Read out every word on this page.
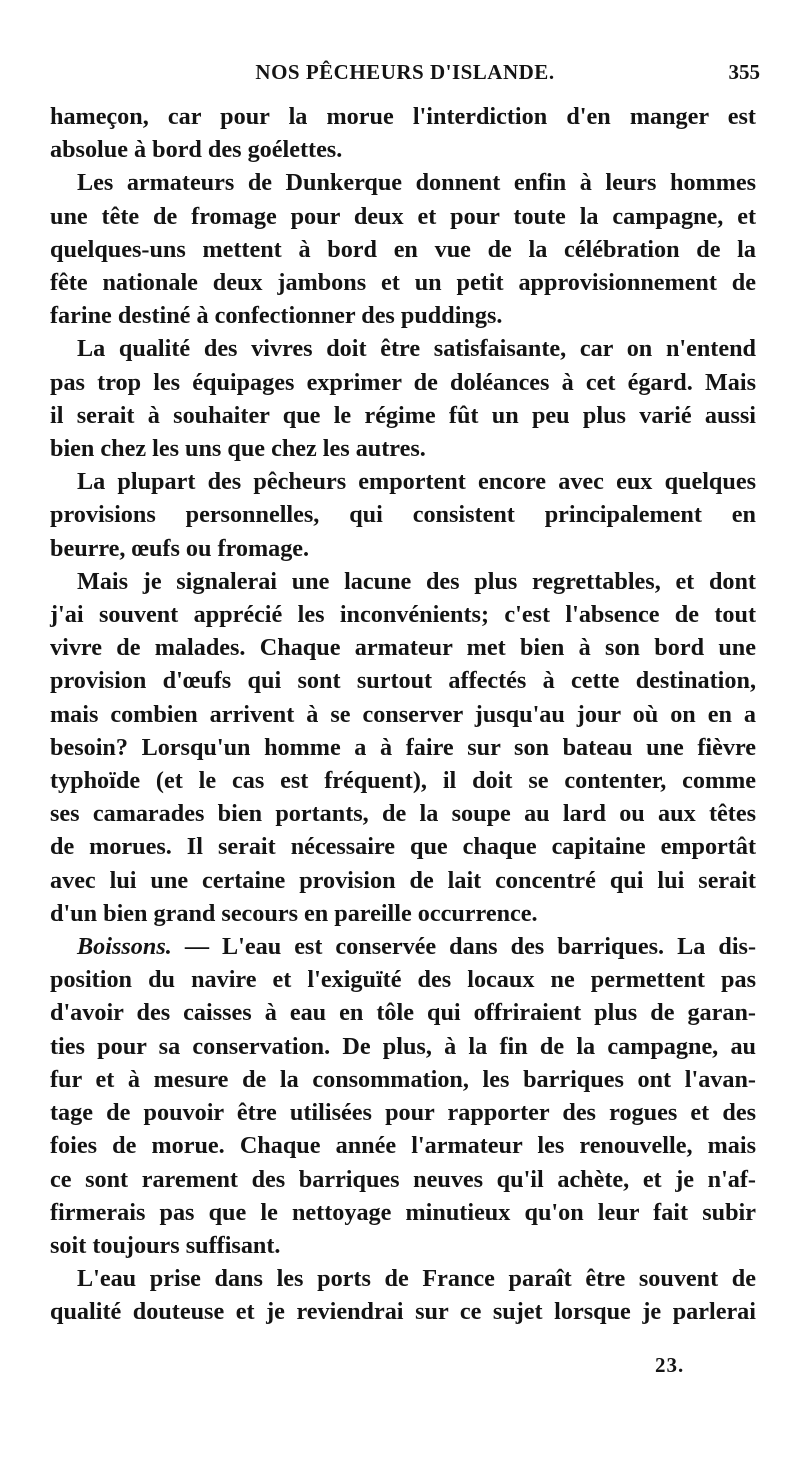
NOS PÊCHEURS D'ISLANDE.	355

hameçon, car pour la morue l'interdiction d'en manger est

absolue à bord des goélettes.

Les armateurs de Dunkerque donnent enfin à leurs hommes

une tête de fromage pour deux et pour toute la campagne, et

quelques-uns mettent à bord en vue de la célébration de la

fête nationale deux jambons et un petit approvisionnement de

farine destiné à confectionner des puddings.

La qualité des vivres doit être satisfaisante, car on n'entend

pas trop les équipages exprimer de doléances à cet égard. Mais

il serait à souhaiter que le régime fût un peu plus varié aussi

bien chez les uns que chez les autres.

La plupart des pêcheurs emportent encore avec eux quelques

provisions personnelles, qui consistent principalement en

beurre, œufs ou fromage.

Mais je signalerai une lacune des plus regrettables, et dont

j'ai souvent apprécié les inconvénients; c'est l'absence de tout

vivre de malades. Chaque armateur met bien à son bord une

provision d'œufs qui sont surtout affectés à cette destination,

mais combien arrivent à se conserver jusqu'au jour où on en a

besoin? Lorsqu'un homme a à faire sur son bateau une fièvre

typhoïde (et le cas est fréquent), il doit se contenter, comme

ses camarades bien portants, de la soupe au lard ou aux têtes

de morues. Il serait nécessaire que chaque capitaine emportât

avec lui une certaine provision de lait concentré qui lui serait

d'un bien grand secours en pareille occurrence.

Boissons. — L'eau est conservée dans des barriques. La dis-

position du navire et l'exiguïté des locaux ne permettent pas

d'avoir des caisses à eau en tôle qui offriraient plus de garan-

ties pour sa conservation. De plus, à la fin de la campagne, au

fur et à mesure de la consommation, les barriques ont l'avan-

tage de pouvoir être utilisées pour rapporter des rogues et des

foies de morue. Chaque année l'armateur les renouvelle, mais

ce sont rarement des barriques neuves qu'il achète, et je n'af-

firmerais pas que le nettoyage minutieux qu'on leur fait subir

soit toujours suffisant.

L'eau prise dans les ports de France paraît être souvent de

qualité douteuse et je reviendrai sur ce sujet lorsque je parlerai

23.
